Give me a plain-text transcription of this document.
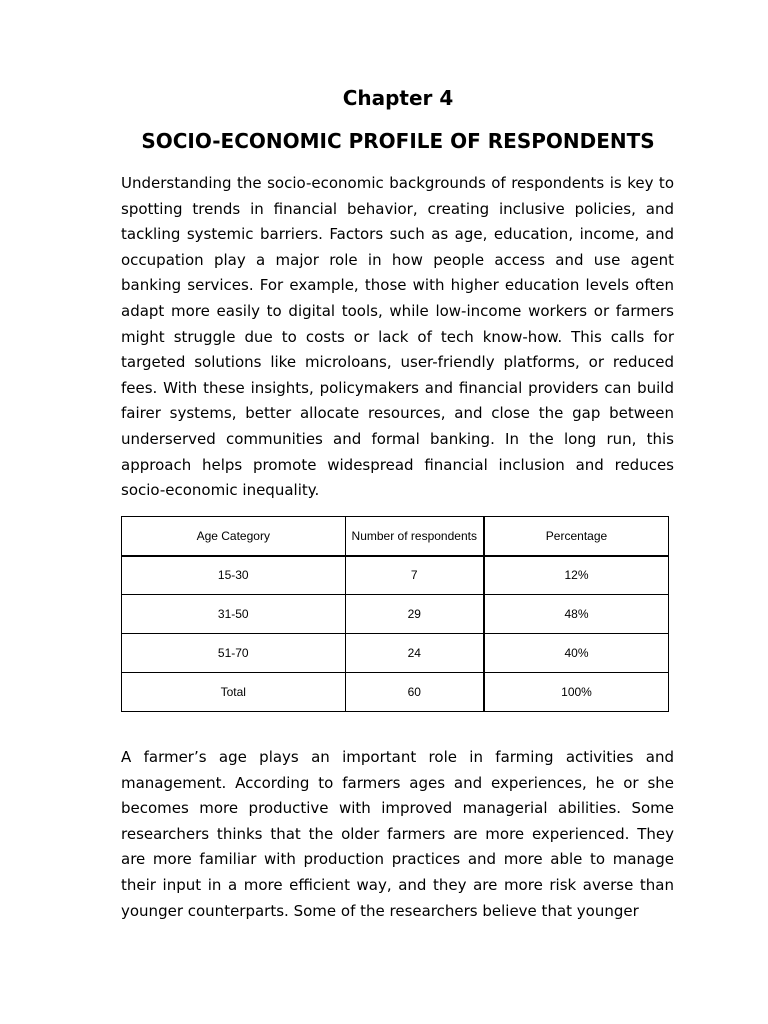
Chapter 4
SOCIO-ECONOMIC PROFILE OF RESPONDENTS

Understanding the socio-economic backgrounds of respondents is key to spotting trends in financial behavior, creating inclusive policies, and tackling systemic barriers. Factors such as age, education, income, and occupation play a major role in how people access and use agent banking services. For example, those with higher education levels often adapt more easily to digital tools, while low-income workers or farmers might struggle due to costs or lack of tech know-how. This calls for targeted solutions like microloans, user-friendly platforms, or reduced fees. With these insights, policymakers and financial providers can build fairer systems, better allocate resources, and close the gap between underserved communities and formal banking. In the long run, this approach helps promote widespread financial inclusion and reduces socio-economic inequality.

Age Category	Number of respondents	Percentage
15-30	7	12%
31-50	29	48%
51-70	24	40%
Total	60	100%

A farmer’s age plays an important role in farming activities and management. According to farmers ages and experiences, he or she becomes more productive with improved managerial abilities. Some researchers thinks that the older farmers are more experienced. They are more familiar with production practices and more able to manage their input in a more efficient way, and they are more risk averse than younger counterparts. Some of the researchers believe that younger
